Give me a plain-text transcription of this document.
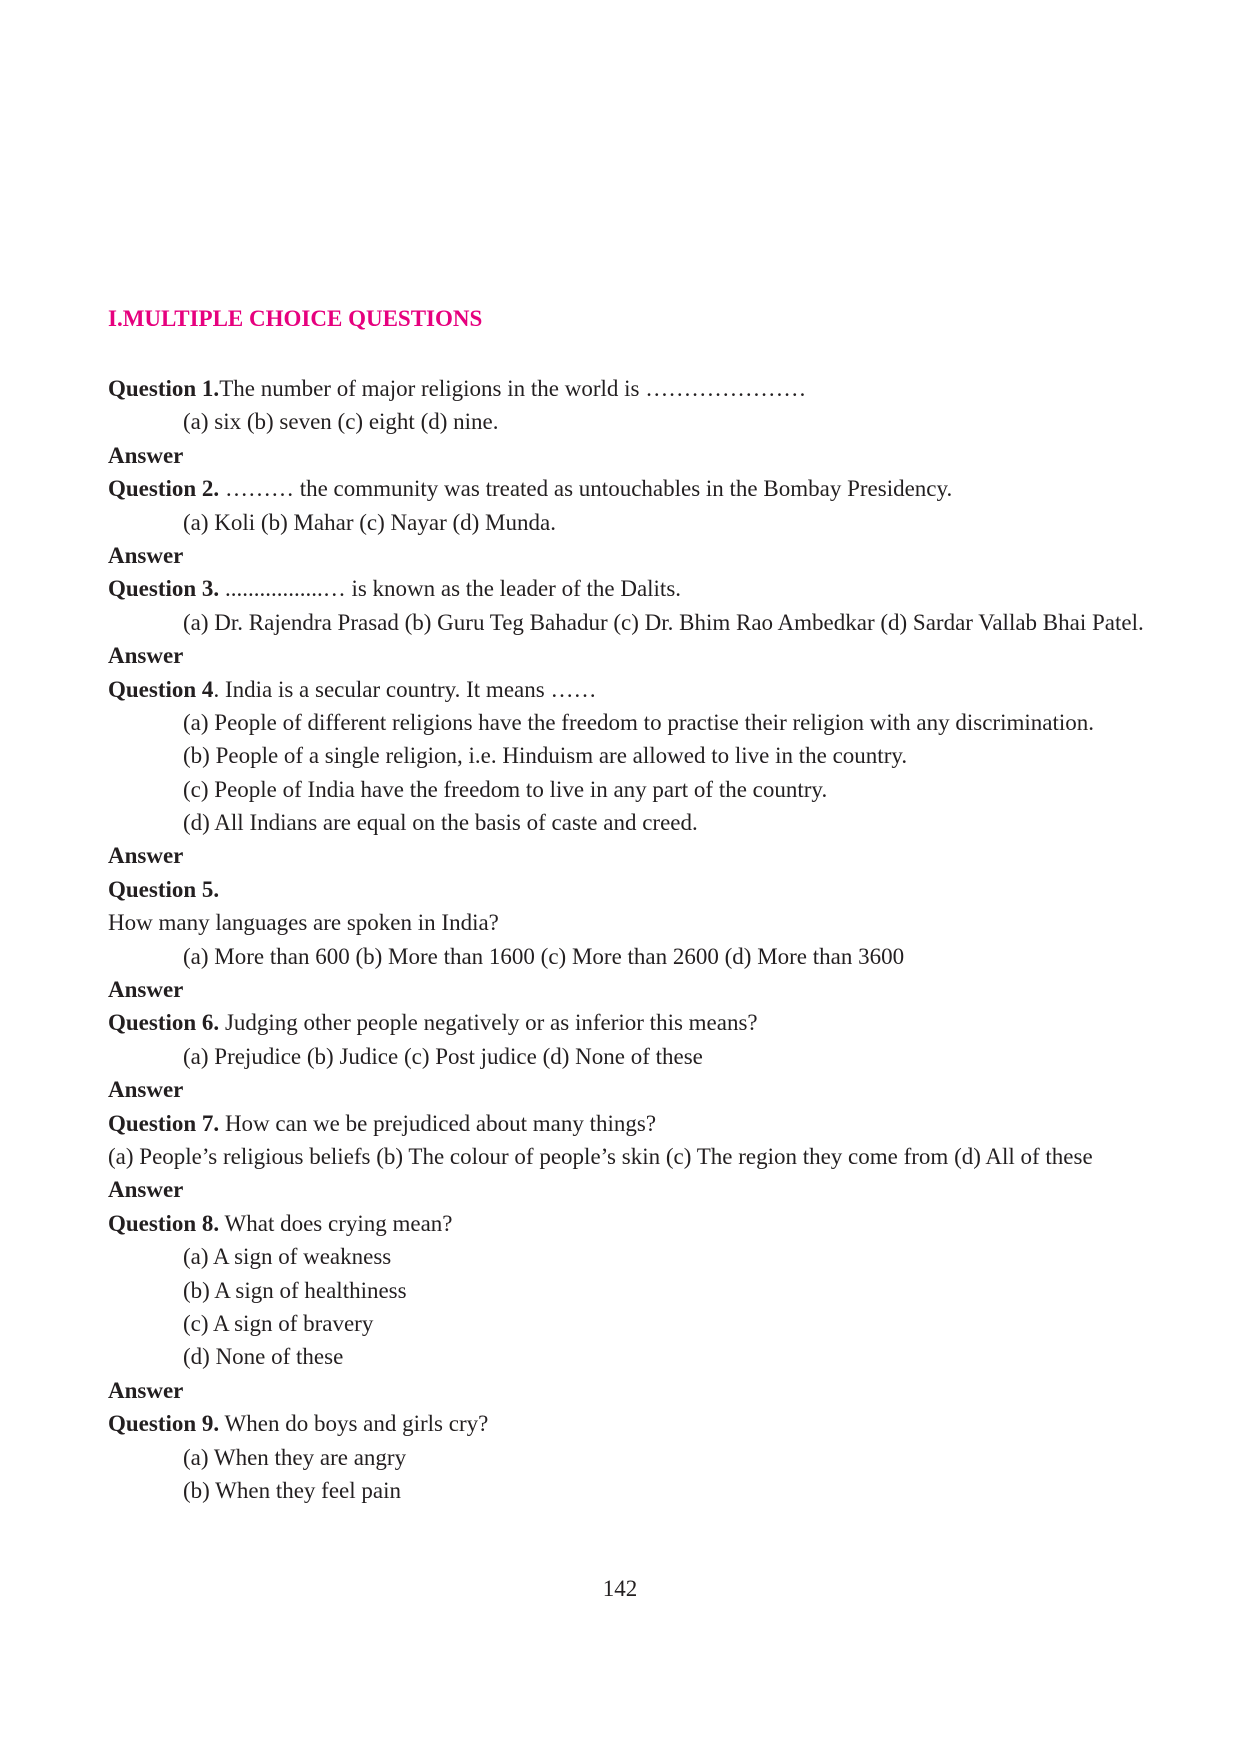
I.MULTIPLE CHOICE QUESTIONS
Question 1.The number of major religions in the world is …………………
(a) six (b) seven (c) eight (d) nine.
Answer
Question 2. ……… the community was treated as untouchables in the Bombay Presidency.
(a) Koli (b) Mahar (c) Nayar (d) Munda.
Answer
Question 3. .................… is known as the leader of the Dalits.
(a) Dr. Rajendra Prasad (b) Guru Teg Bahadur (c) Dr. Bhim Rao Ambedkar (d) Sardar Vallab Bhai Patel.
Answer
Question 4. India is a secular country. It means ……
(a) People of different religions have the freedom to practise their religion with any discrimination.
(b) People of a single religion, i.e. Hinduism are allowed to live in the country.
(c) People of India have the freedom to live in any part of the country.
(d) All Indians are equal on the basis of caste and creed.
Answer
Question 5.
How many languages are spoken in India?
(a) More than 600 (b) More than 1600 (c) More than 2600 (d) More than 3600
Answer
Question 6. Judging other people negatively or as inferior this means?
(a) Prejudice (b) Judice (c) Post judice (d) None of these
Answer
Question 7. How can we be prejudiced about many things?
(a) People’s religious beliefs (b) The colour of people’s skin (c) The region they come from (d) All of these
Answer
Question 8. What does crying mean?
(a) A sign of weakness
(b) A sign of healthiness
(c) A sign of bravery
(d) None of these
Answer
Question 9. When do boys and girls cry?
(a) When they are angry
(b) When they feel pain
142
